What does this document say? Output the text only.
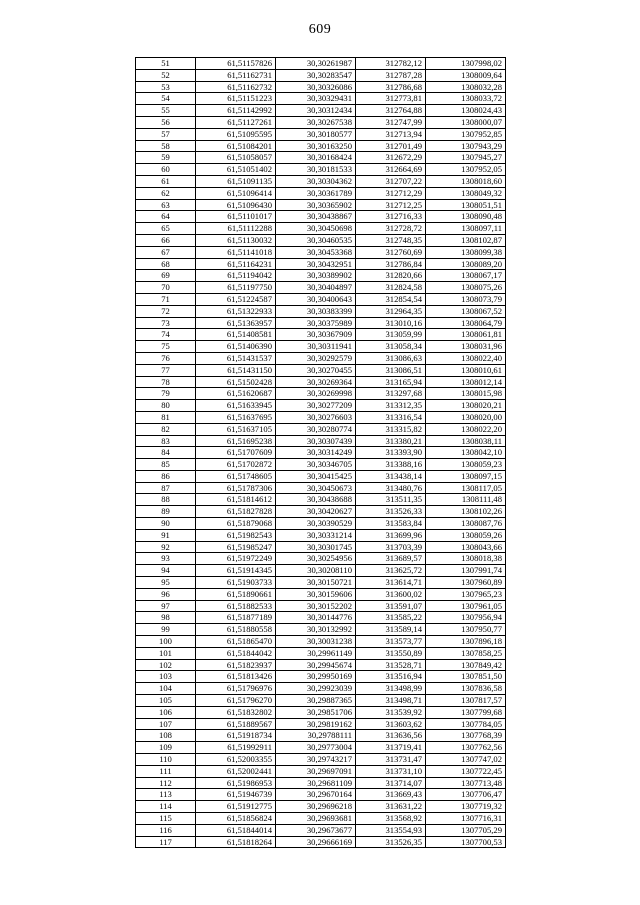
609
51	61,51157826	30,30261987	312782,12	1307998,02
52	61,51162731	30,30283547	312787,28	1308009,64
53	61,51162732	30,30326086	312786,68	1308032,28
54	61,51151223	30,30329431	312773,81	1308033,72
55	61,51142992	30,30312434	312764,88	1308024,43
56	61,51127261	30,30267538	312747,99	1308000,07
57	61,51095595	30,30180577	312713,94	1307952,85
58	61,51084201	30,30163250	312701,49	1307943,29
59	61,51058057	30,30168424	312672,29	1307945,27
60	61,51051402	30,30181533	312664,69	1307952,05
61	61,51091135	30,30304362	312707,22	1308018,60
62	61,51096414	30,30361789	312712,29	1308049,32
63	61,51096430	30,30365902	312712,25	1308051,51
64	61,51101017	30,30438867	312716,33	1308090,48
65	61,51112288	30,30450698	312728,72	1308097,11
66	61,51130032	30,30460535	312748,35	1308102,87
67	61,51141018	30,30453368	312760,69	1308099,38
68	61,51164231	30,30432951	312786,84	1308089,20
69	61,51194042	30,30389902	312820,66	1308067,17
70	61,51197750	30,30404897	312824,58	1308075,26
71	61,51224587	30,30400643	312854,54	1308073,79
72	61,51322933	30,30383399	312964,35	1308067,52
73	61,51363957	30,30375989	313010,16	1308064,79
74	61,51408581	30,30367909	313059,99	1308061,81
75	61,51406390	30,30311941	313058,34	1308031,96
76	61,51431537	30,30292579	313086,63	1308022,40
77	61,51431150	30,30270455	313086,51	1308010,61
78	61,51502428	30,30269364	313165,94	1308012,14
79	61,51620687	30,30269998	313297,68	1308015,98
80	61,51633945	30,30277209	313312,35	1308020,21
81	61,51637695	30,30276603	313316,54	1308020,00
82	61,51637105	30,30280774	313315,82	1308022,20
83	61,51695238	30,30307439	313380,21	1308038,11
84	61,51707609	30,30314249	313393,90	1308042,10
85	61,51702872	30,30346705	313388,16	1308059,23
86	61,51748605	30,30415425	313438,14	1308097,15
87	61,51787306	30,30450673	313480,76	1308117,05
88	61,51814612	30,30438688	313511,35	1308111,48
89	61,51827828	30,30420627	313526,33	1308102,26
90	61,51879068	30,30390529	313583,84	1308087,76
91	61,51982543	30,30331214	313699,96	1308059,26
92	61,51985247	30,30301745	313703,39	1308043,66
93	61,51972249	30,30254956	313689,57	1308018,38
94	61,51914345	30,30208110	313625,72	1307991,74
95	61,51903733	30,30150721	313614,71	1307960,89
96	61,51890661	30,30159606	313600,02	1307965,23
97	61,51882533	30,30152202	313591,07	1307961,05
98	61,51877189	30,30144776	313585,22	1307956,94
99	61,51880558	30,30132992	313589,14	1307950,77
100	61,51865470	30,30031238	313573,77	1307896,18
101	61,51844042	30,29961149	313550,89	1307858,25
102	61,51823937	30,29945674	313528,71	1307849,42
103	61,51813426	30,29950169	313516,94	1307851,50
104	61,51796976	30,29923039	313498,99	1307836,58
105	61,51796270	30,29887365	313498,71	1307817,57
106	61,51832802	30,29851706	313539,92	1307799,68
107	61,51889567	30,29819162	313603,62	1307784,05
108	61,51918734	30,29788111	313636,56	1307768,39
109	61,51992911	30,29773004	313719,41	1307762,56
110	61,52003355	30,29743217	313731,47	1307747,02
111	61,52002441	30,29697091	313731,10	1307722,45
112	61,51986953	30,29681109	313714,07	1307713,48
113	61,51946739	30,29670164	313669,43	1307706,47
114	61,51912775	30,29696218	313631,22	1307719,32
115	61,51856824	30,29693681	313568,92	1307716,31
116	61,51844014	30,29673677	313554,93	1307705,29
117	61,51818264	30,29666169	313526,35	1307700,53
